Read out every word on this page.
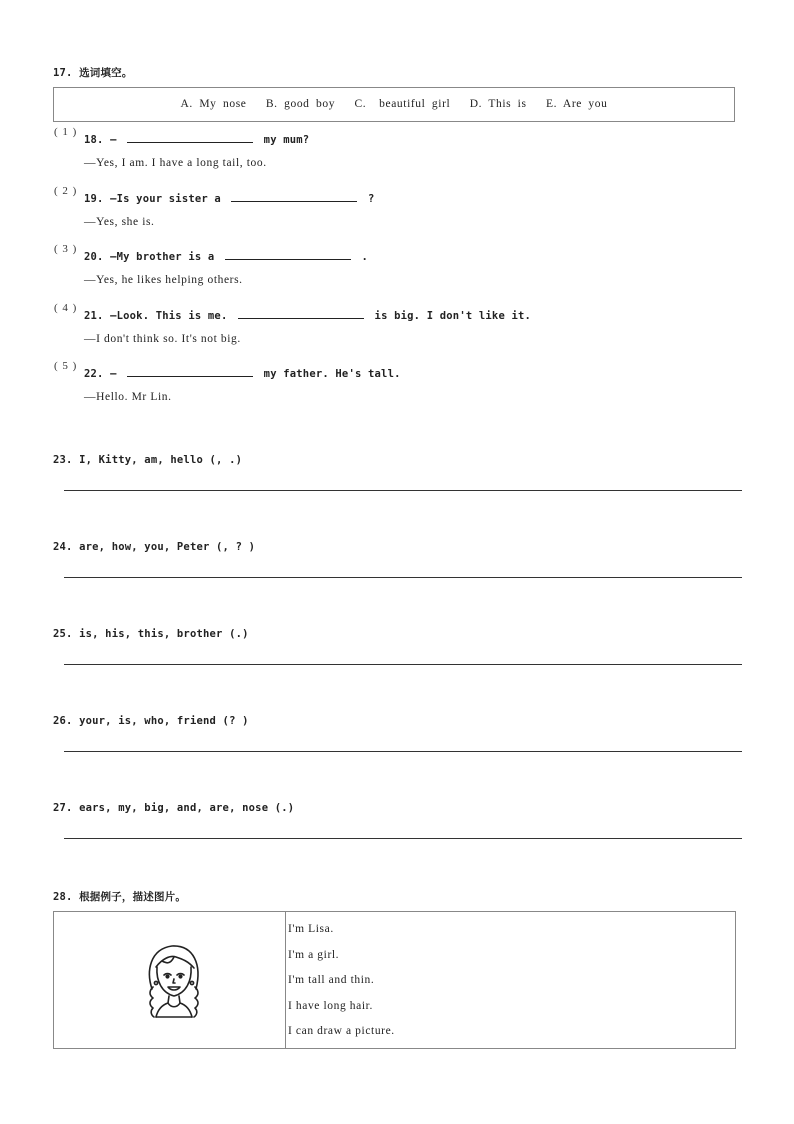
17. 选词填空。
A. My nose   B. good boy   C.  beautiful girl   D. This is   E. Are you
( 1 )
18. —	my mum?
—Yes, I am. I have a long tail, too.
( 2 )
19. —Is your sister a	?
—Yes, she is.
( 3 )
20. —My brother is a	.
—Yes, he likes helping others.
( 4 )
21. —Look. This is me.	is big. I don't like it.
—I don't think so. It's not big.
( 5 )
22. —	my father. He's tall.
—Hello. Mr Lin.
23. I, Kitty, am, hello (, .)
24. are, how, you, Peter (, ? )
25. is, his, this, brother (.)
26. your, is, who, friend (? )
27. ears, my, big, and, are, nose (.)
28. 根据例子，描述图片。
I'm Lisa.
I'm a girl.
I'm tall and thin.
I have long hair.
I can draw a picture.
